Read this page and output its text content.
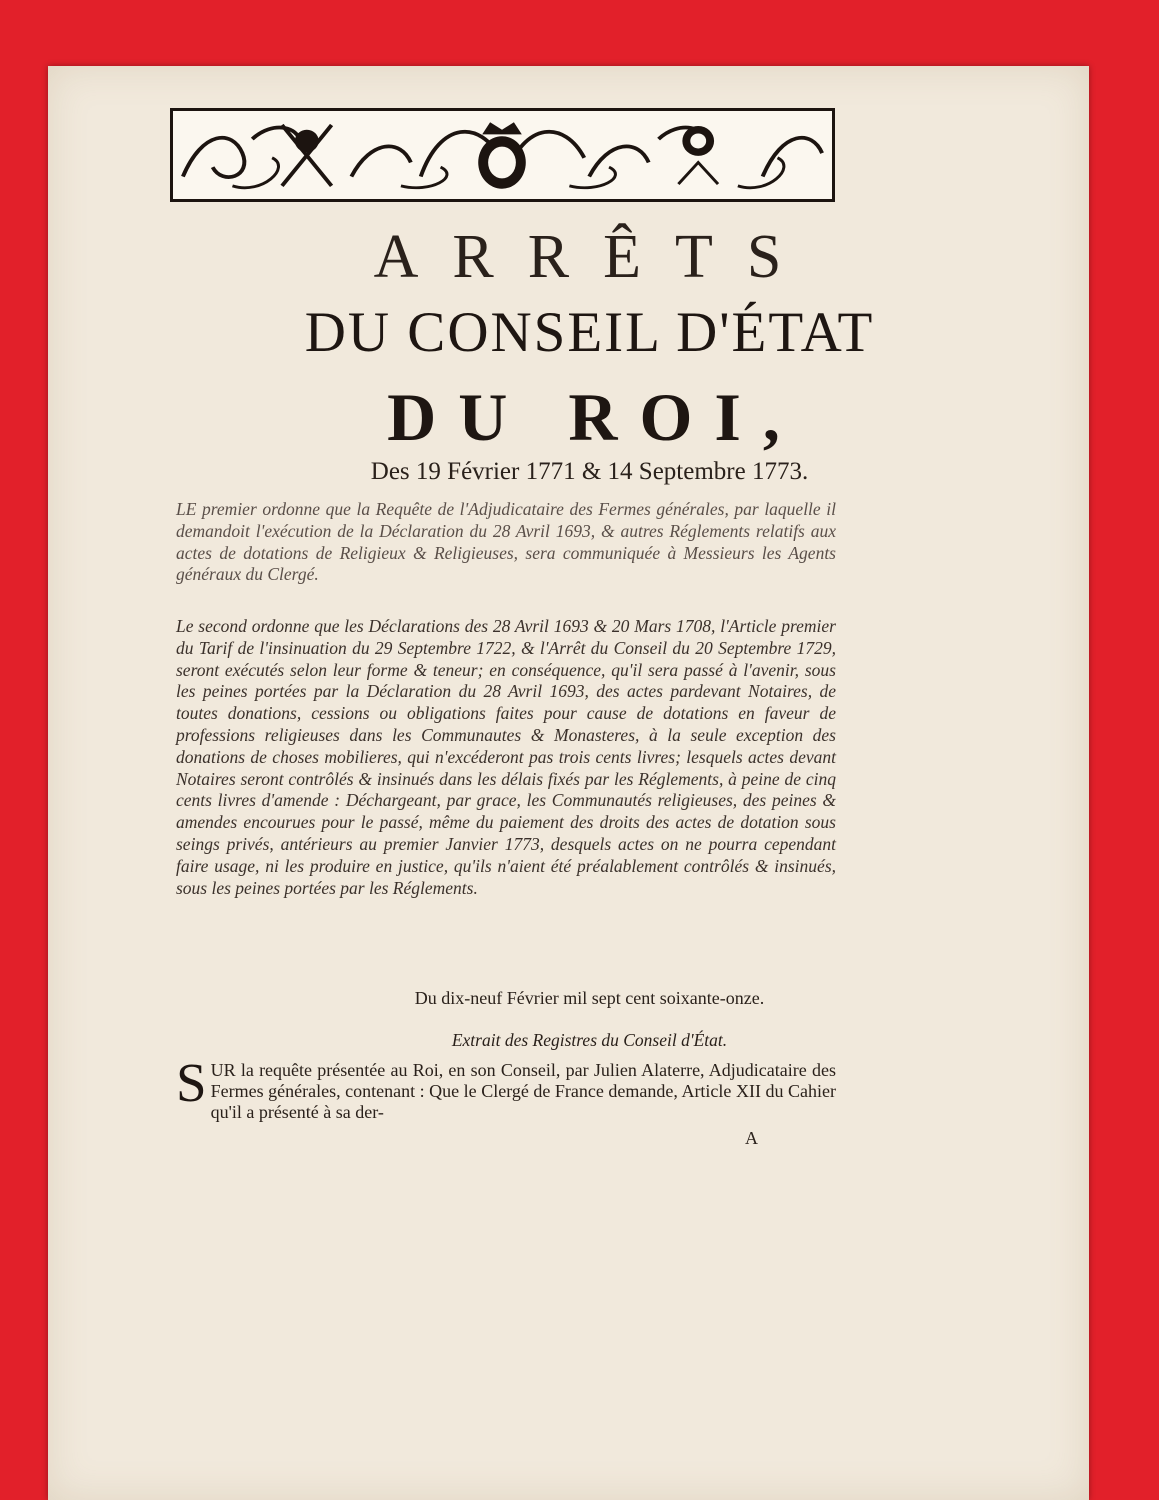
ARRÊTS
DU CONSEIL D'ÉTAT
DU ROI,
Des 19 Février 1771 & 14 Septembre 1773.
LE premier ordonne que la Requête de l'Adjudicataire des Fermes générales, par laquelle il demandoit l'exécution de la Déclaration du 28 Avril 1693, & autres Réglements relatifs aux actes de dotations de Religieux & Religieuses, sera communiquée à Messieurs les Agents généraux du Clergé.
Le second ordonne que les Déclarations des 28 Avril 1693 & 20 Mars 1708, l'Article premier du Tarif de l'insinuation du 29 Septembre 1722, & l'Arrêt du Conseil du 20 Septembre 1729, seront exécutés selon leur forme & teneur; en conséquence, qu'il sera passé à l'avenir, sous les peines portées par la Déclaration du 28 Avril 1693, des actes pardevant Notaires, de toutes donations, cessions ou obligations faites pour cause de dotations en faveur de professions religieuses dans les Communautes & Monasteres, à la seule exception des donations de choses mobilieres, qui n'excéderont pas trois cents livres; lesquels actes devant Notaires seront contrôlés & insinués dans les délais fixés par les Réglements, à peine de cinq cents livres d'amende : Déchargeant, par grace, les Communautés religieuses, des peines & amendes encourues pour le passé, même du paiement des droits des actes de dotation sous seings privés, antérieurs au premier Janvier 1773, desquels actes on ne pourra cependant faire usage, ni les produire en justice, qu'ils n'aient été préalablement contrôlés & insinués, sous les peines portées par les Réglements.
Du dix-neuf Février mil sept cent soixante-onze.
Extrait des Registres du Conseil d'État.
SUR la requête présentée au Roi, en son Conseil, par Julien Alaterre, Adjudicataire des Fermes générales, contenant : Que le Clergé de France demande, Article XII du Cahier qu'il a présenté à sa der-
A
